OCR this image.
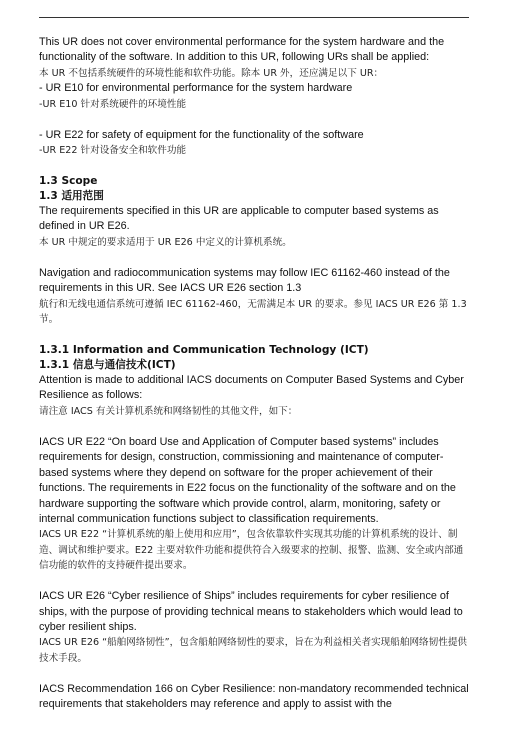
This UR does not cover environmental performance for the system hardware and the functionality of the software. In addition to this UR, following URs shall be applied:

本 UR 不包括系统硬件的环境性能和软件功能。除本 UR 外，还应满足以下 UR：

- UR E10 for environmental performance for the system hardware

-UR E10 针对系统硬件的环境性能

- UR E22 for safety of equipment for the functionality of the software

-UR E22 针对设备安全和软件功能

1.3 Scope

1.3 适用范围

The requirements specified in this UR are applicable to computer based systems as defined in UR E26.

本 UR 中规定的要求适用于 UR E26 中定义的计算机系统。

Navigation and radiocommunication systems may follow IEC 61162-460 instead of the requirements in this UR. See IACS UR E26 section 1.3

航行和无线电通信系统可遵循 IEC 61162-460，无需满足本 UR 的要求。参见 IACS UR E26 第 1.3 节。

1.3.1 Information and Communication Technology (ICT)

1.3.1 信息与通信技术(ICT)

Attention is made to additional IACS documents on Computer Based Systems and Cyber Resilience as follows:

请注意 IACS 有关计算机系统和网络韧性的其他文件，如下：

IACS UR E22 “On board Use and Application of Computer based systems” includes requirements for design, construction, commissioning and maintenance of computer-based systems where they depend on software for the proper achievement of their functions. The requirements in E22 focus on the functionality of the software and on the hardware supporting the software which provide control, alarm, monitoring, safety or internal communication functions subject to classification requirements.

IACS UR E22 “计算机系统的船上使用和应用”，包含依靠软件实现其功能的计算机系统的设计、制造、调试和维护要求。E22 主要对软件功能和提供符合入级要求的控制、报警、监测、安全或内部通信功能的软件的支持硬件提出要求。

IACS UR E26 “Cyber resilience of Ships” includes requirements for cyber resilience of ships, with the purpose of providing technical means to stakeholders which would lead to cyber resilient ships.

IACS UR E26 “船舶网络韧性”，包含船舶网络韧性的要求，旨在为利益相关者实现船舶网络韧性提供技术手段。

IACS Recommendation 166 on Cyber Resilience: non-mandatory recommended technical requirements that stakeholders may reference and apply to assist with the
